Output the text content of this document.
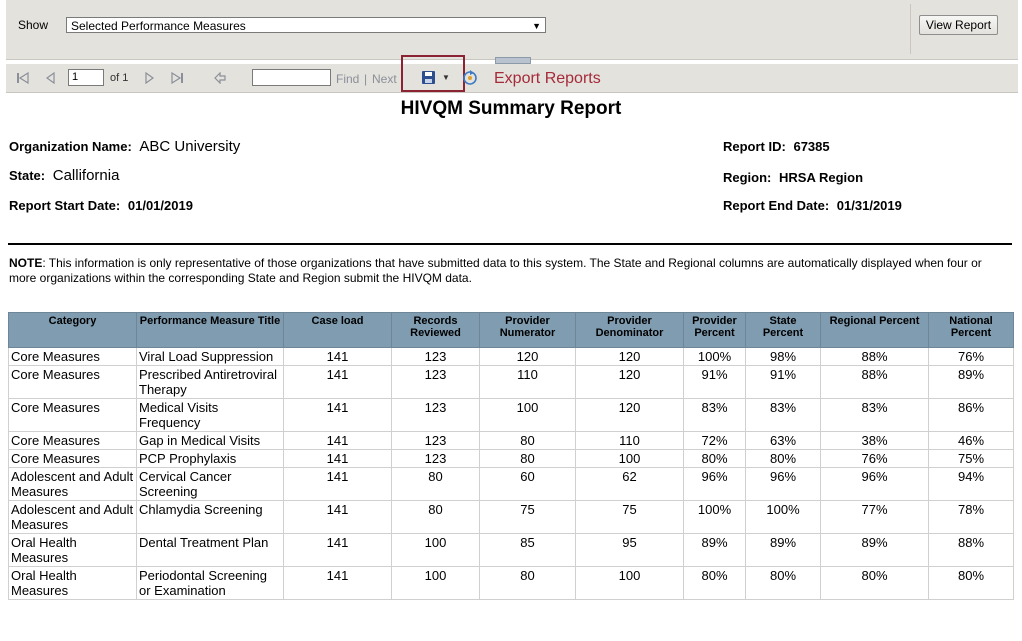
Show	Selected Performance Measures	▼	View Report
1	of 1	Find | Next	▼	Export Reports
HIVQM Summary Report
Organization Name: ABC University
State: Callifornia
Report Start Date: 01/01/2019
Report ID: 67385
Region: HRSA Region
Report End Date: 01/31/2019
NOTE: This information is only representative of those organizations that have submitted data to this system. The State and Regional columns are automatically displayed when four or more organizations within the corresponding State and Region submit the HIVQM data.
Category	Performance Measure Title	Case load	Records Reviewed	Provider Numerator	Provider Denominator	Provider Percent	State Percent	Regional Percent	National Percent
Core Measures	Viral Load Suppression	141	123	120	120	100%	98%	88%	76%
Core Measures	Prescribed Antiretroviral Therapy	141	123	110	120	91%	91%	88%	89%
Core Measures	Medical Visits Frequency	141	123	100	120	83%	83%	83%	86%
Core Measures	Gap in Medical Visits	141	123	80	110	72%	63%	38%	46%
Core Measures	PCP Prophylaxis	141	123	80	100	80%	80%	76%	75%
Adolescent and Adult Measures	Cervical Cancer Screening	141	80	60	62	96%	96%	96%	94%
Adolescent and Adult Measures	Chlamydia Screening	141	80	75	75	100%	100%	77%	78%
Oral Health Measures	Dental Treatment Plan	141	100	85	95	89%	89%	89%	88%
Oral Health Measures	Periodontal Screening or Examination	141	100	80	100	80%	80%	80%	80%
